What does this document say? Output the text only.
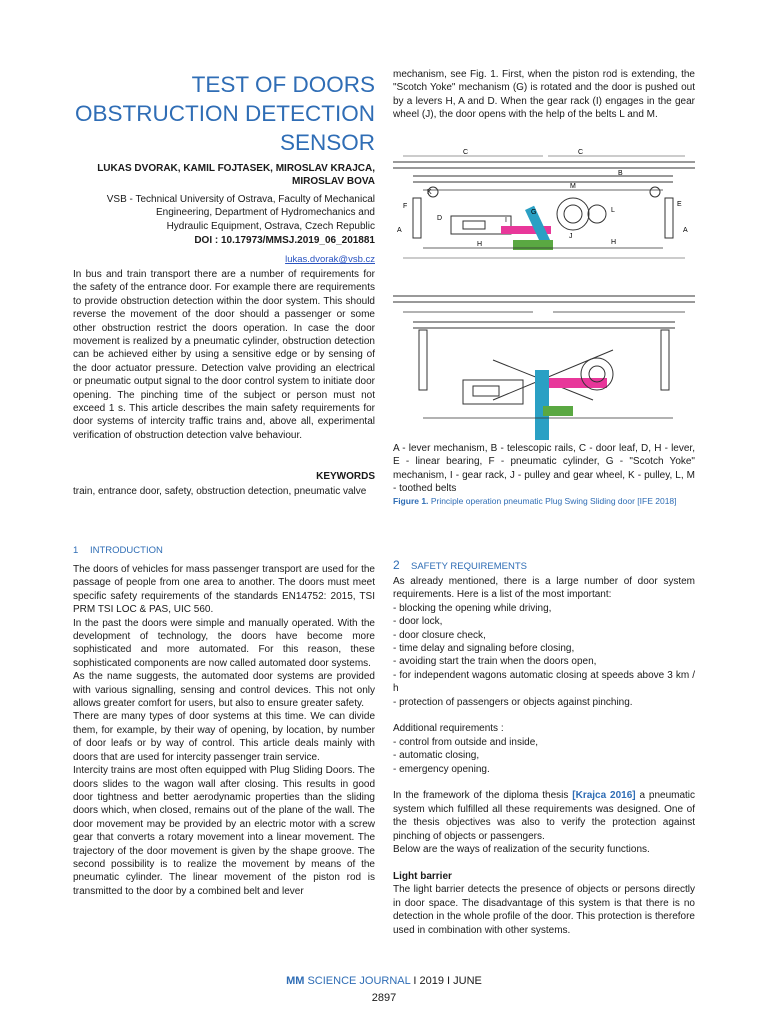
TEST OF DOORS
OBSTRUCTION DETECTION
SENSOR
LUKAS DVORAK, KAMIL FOJTASEK, MIROSLAV KRAJCA,
MIROSLAV BOVA
VSB - Technical University of Ostrava, Faculty of Mechanical
Engineering, Department of Hydromechanics and
Hydraulic Equipment, Ostrava, Czech Republic
DOI : 10.17973/MMSJ.2019_06_201881
lukas.dvorak@vsb.cz
In bus and train transport there are a number of requirements for the safety of the entrance door. For example there are requirements to provide obstruction detection within the door system. This should reverse the movement of the door should a passenger or some other obstruction restrict the doors operation. In case the door movement is realized by a pneumatic cylinder, obstruction detection can be achieved either by using a sensitive edge or by sensing of the door actuator pressure. Detection valve providing an electrical or pneumatic output signal to the door control system to initiate door opening. The pinching time of the subject or person must not exceed 1 s. This article describes the main safety requirements for door systems of intercity traffic trains and, above all, experimental verification of obstruction detection valve behaviour.
KEYWORDS
train, entrance door, safety, obstruction detection, pneumatic valve
1 INTRODUCTION
The doors of vehicles for mass passenger transport are used for the passage of people from one area to another. The doors must meet specific safety requirements of the standards EN14752: 2015, TSI PRM TSI LOC & PAS, UIC 560.
In the past the doors were simple and manually operated. With the development of technology, the doors have become more sophisticated and more automated. For this reason, these sophisticated components are now called automated door systems.
As the name suggests, the automated door systems are provided with various signalling, sensing and control devices. This not only allows greater comfort for users, but also to ensure greater safety.
There are many types of door systems at this time. We can divide them, for example, by their way of opening, by location, by number of door leafs or by way of control. This article deals mainly with doors that are used for intercity passenger train service.
Intercity trains are most often equipped with Plug Sliding Doors. The doors slides to the wagon wall after closing. This results in good door tightness and better aerodynamic properties than the sliding doors which, when closed, remains out of the plane of the wall. The door movement may be provided by an electric motor with a screw gear that converts a rotary movement into a linear movement. The trajectory of the door movement is given by the shape groove. The second possibility is to realize the movement by means of the pneumatic cylinder. The linear movement of the piston rod is transmitted to the door by a combined belt and lever
mechanism, see Fig. 1. First, when the piston rod is extending, the "Scotch Yoke" mechanism (G) is rotated and the door is pushed out by a levers H, A and D. When the gear rack (I) engages in the gear wheel (J), the door opens with the help of the belts L and M.
C	C
B
K
M
F	E
L
A	A
D	I
G
J
H	H
A - lever mechanism, B - telescopic rails, C - door leaf, D, H - lever, E - linear bearing, F - pneumatic cylinder, G - "Scotch Yoke" mechanism, I - gear rack, J - pulley and gear wheel, K - pulley, L, M - toothed belts
Figure 1. Principle operation pneumatic Plug Swing Sliding door [IFE 2018]
2 SAFETY REQUIREMENTS
As already mentioned, there is a large number of door system requirements. Here is a list of the most important:
- blocking the opening while driving,
- door lock,
- door closure check,
- time delay and signaling before closing,
- avoiding start the train when the doors open,
- for independent wagons automatic closing at speeds above 3 km / h
- protection of passengers or objects against pinching.
Additional requirements :
- control from outside and inside,
- automatic closing,
- emergency opening.
In the framework of the diploma thesis [Krajca 2016] a pneumatic system which fulfilled all these requirements was designed. One of the thesis objectives was also to verify the protection against pinching of objects or passengers.
Below are the ways of realization of the security functions.
Light barrier
The light barrier detects the presence of objects or persons directly in door space. The disadvantage of this system is that there is no detection in the whole profile of the door. This protection is therefore used in combination with other systems.
MM SCIENCE JOURNAL I 2019 I JUNE
2897
